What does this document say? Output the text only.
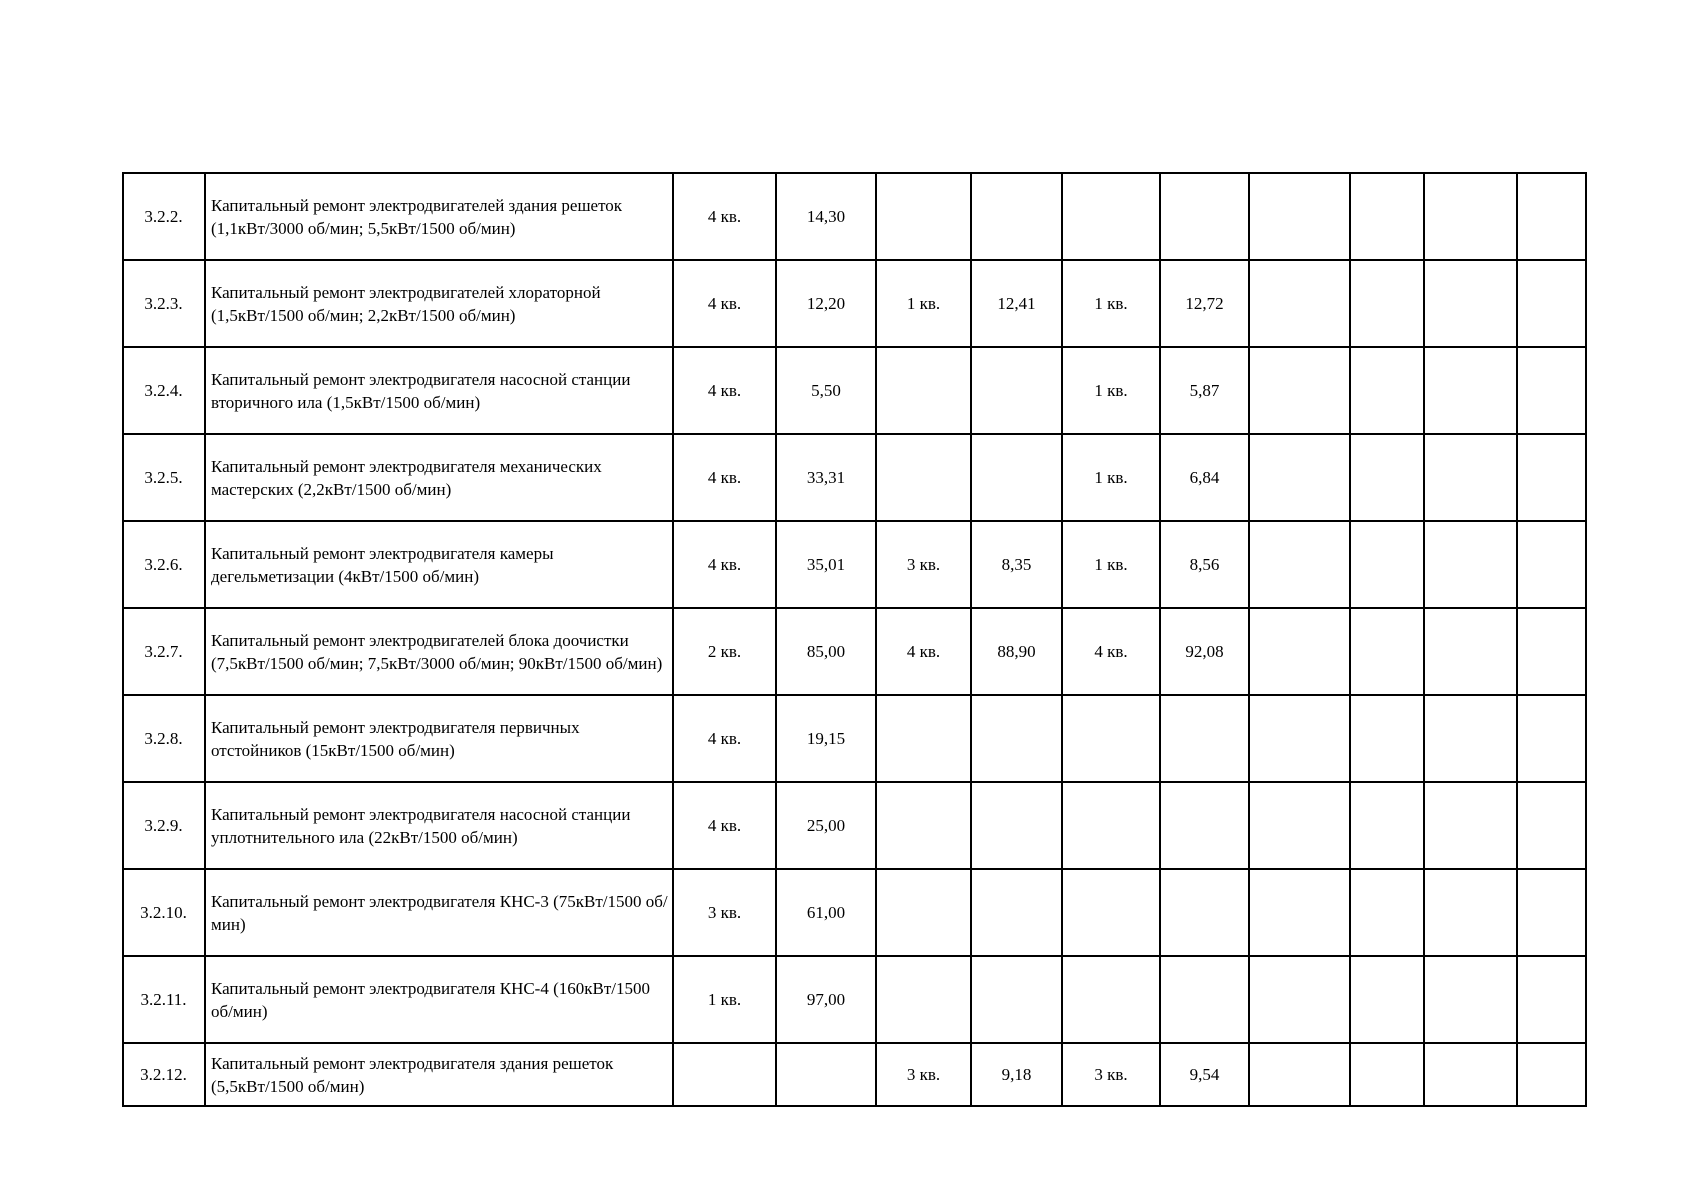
3.2.2.	Капитальный ремонт электродвигателей здания решеток (1,1кВт/3000 об/мин; 5,5кВт/1500 об/мин)	4 кв.	14,30								
3.2.3.	Капитальный ремонт электродвигателей хлораторной (1,5кВт/1500 об/мин; 2,2кВт/1500 об/мин)	4 кв.	12,20	1 кв.	12,41	1 кв.	12,72				
3.2.4.	Капитальный ремонт электродвигателя насосной станции вторичного ила (1,5кВт/1500 об/мин)	4 кв.	5,50			1 кв.	5,87				
3.2.5.	Капитальный ремонт электродвигателя механических мастерских (2,2кВт/1500 об/мин)	4 кв.	33,31			1 кв.	6,84				
3.2.6.	Капитальный ремонт электродвигателя камеры дегельметизации (4кВт/1500 об/мин)	4 кв.	35,01	3 кв.	8,35	1 кв.	8,56				
3.2.7.	Капитальный ремонт электродвигателей блока доочистки (7,5кВт/1500 об/мин; 7,5кВт/3000 об/мин; 90кВт/1500 об/мин)	2 кв.	85,00	4 кв.	88,90	4 кв.	92,08				
3.2.8.	Капитальный ремонт электродвигателя первичных отстойников (15кВт/1500 об/мин)	4 кв.	19,15								
3.2.9.	Капитальный ремонт электродвигателя насосной станции уплотнительного ила (22кВт/1500 об/мин)	4 кв.	25,00								
3.2.10.	Капитальный ремонт электродвигателя КНС-3 (75кВт/1500 об/мин)	3 кв.	61,00								
3.2.11.	Капитальный ремонт электродвигателя КНС-4 (160кВт/1500 об/мин)	1 кв.	97,00								
3.2.12.	Капитальный ремонт электродвигателя здания решеток (5,5кВт/1500 об/мин)			3 кв.	9,18	3 кв.	9,54				
